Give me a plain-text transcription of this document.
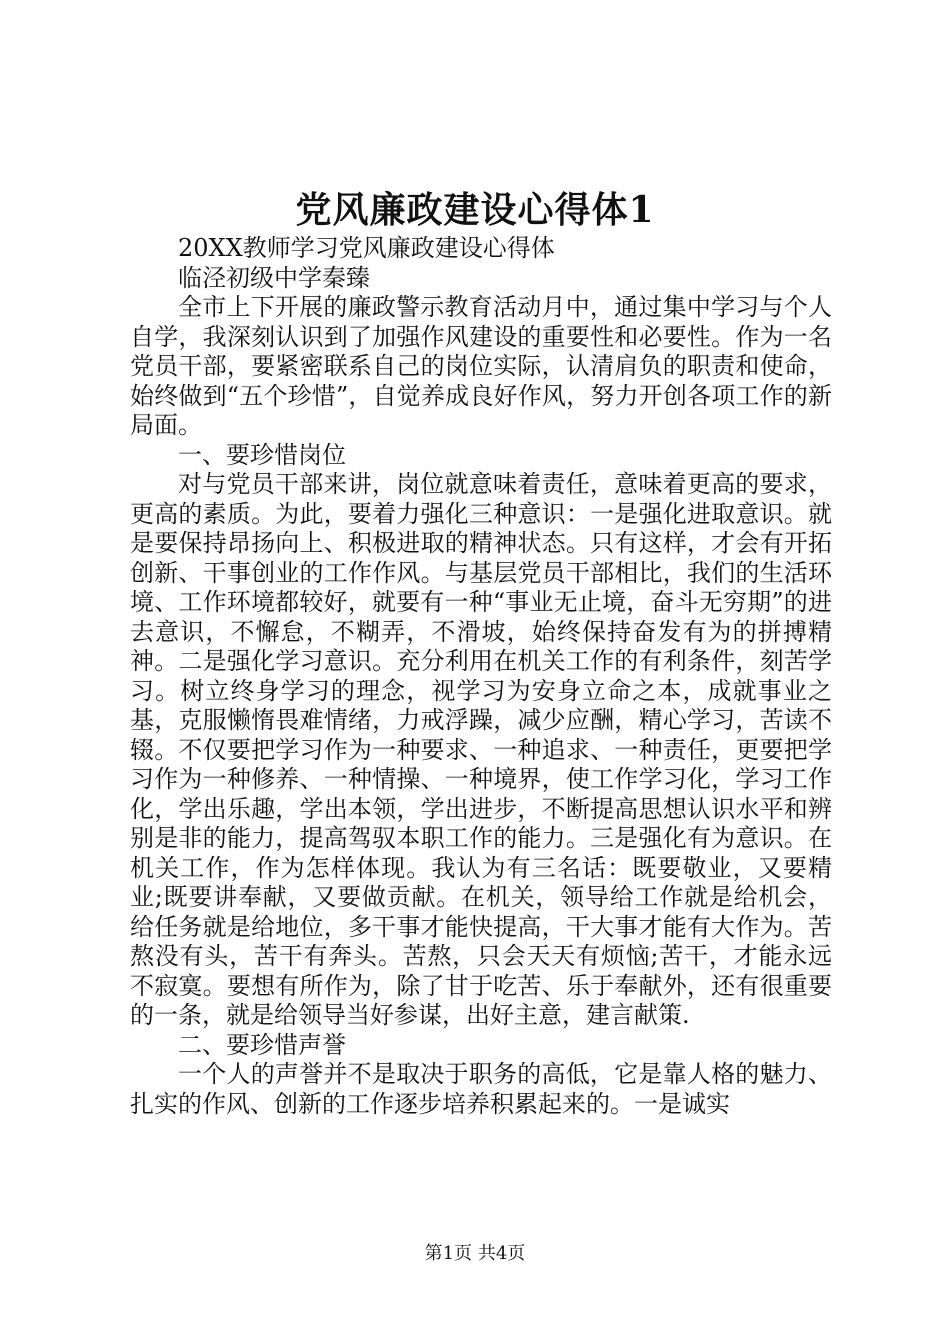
党风廉政建设心得体1

20XX教师学习党风廉政建设心得体

临泾初级中学秦臻

全市上下开展的廉政警示教育活动月中，通过集中学习与个人自学，我深刻认识到了加强作风建设的重要性和必要性。作为一名党员干部，要紧密联系自己的岗位实际，认清肩负的职责和使命，始终做到“五个珍惜”，自觉养成良好作风，努力开创各项工作的新局面。

一、要珍惜岗位

对与党员干部来讲，岗位就意味着责任，意味着更高的要求，更高的素质。为此，要着力强化三种意识：一是强化进取意识。就是要保持昂扬向上、积极进取的精神状态。只有这样，才会有开拓创新、干事创业的工作作风。与基层党员干部相比，我们的生活环境、工作环境都较好，就要有一种“事业无止境，奋斗无穷期”的进去意识，不懈怠，不糊弄，不滑坡，始终保持奋发有为的拼搏精神。二是强化学习意识。充分利用在机关工作的有利条件，刻苦学习。树立终身学习的理念，视学习为安身立命之本，成就事业之基，克服懒惰畏难情绪，力戒浮躁，减少应酬，精心学习，苦读不辍。不仅要把学习作为一种要求、一种追求、一种责任，更要把学习作为一种修养、一种情操、一种境界，使工作学习化，学习工作化，学出乐趣，学出本领，学出进步，不断提高思想认识水平和辨别是非的能力，提高驾驭本职工作的能力。三是强化有为意识。在机关工作，作为怎样体现。我认为有三名话：既要敬业，又要精业;既要讲奉献，又要做贡献。在机关，领导给工作就是给机会，给任务就是给地位，多干事才能快提高，干大事才能有大作为。苦熬没有头，苦干有奔头。苦熬，只会天天有烦恼;苦干，才能永远不寂寞。要想有所作为，除了甘于吃苦、乐于奉献外，还有很重要的一条，就是给领导当好参谋，出好主意，建言献策.

二、要珍惜声誉

一个人的声誉并不是取决于职务的高低，它是靠人格的魅力、扎实的作风、创新的工作逐步培养积累起来的。一是诚实

第1页 共4页
